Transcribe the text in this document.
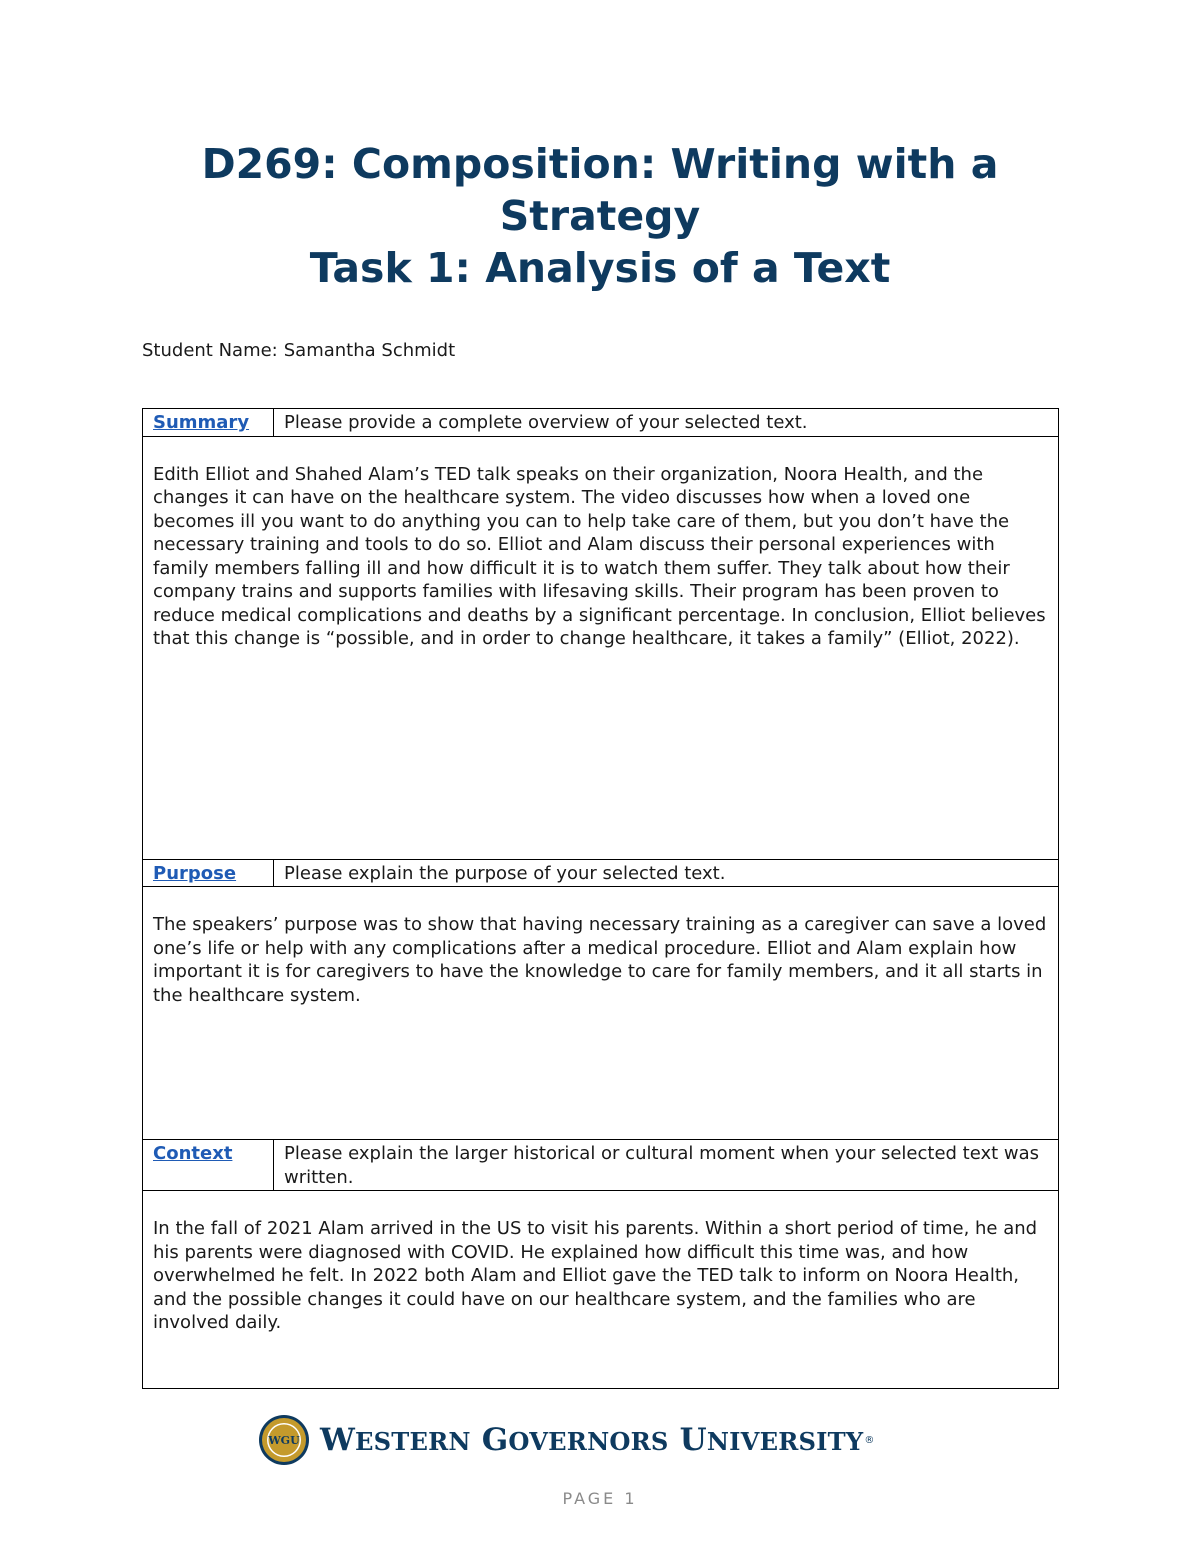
D269: Composition: Writing with a
Strategy
Task 1: Analysis of a Text
Student Name: Samantha Schmidt
Summary	Please provide a complete overview of your selected text.
Edith Elliot and Shahed Alam’s TED talk speaks on their organization, Noora Health, and the changes it can have on the healthcare system. The video discusses how when a loved one becomes ill you want to do anything you can to help take care of them, but you don’t have the necessary training and tools to do so. Elliot and Alam discuss their personal experiences with family members falling ill and how difficult it is to watch them suffer. They talk about how their company trains and supports families with lifesaving skills. Their program has been proven to reduce medical complications and deaths by a significant percentage. In conclusion, Elliot believes that this change is “possible, and in order to change healthcare, it takes a family” (Elliot, 2022).	
Purpose	Please explain the purpose of your selected text.
The speakers’ purpose was to show that having necessary training as a caregiver can save a loved one’s life or help with any complications after a medical procedure. Elliot and Alam explain how important it is for caregivers to have the knowledge to care for family members, and it all starts in the healthcare system.	
Context	Please explain the larger historical or cultural moment when your selected text was written.
In the fall of 2021 Alam arrived in the US to visit his parents. Within a short period of time, he and his parents were diagnosed with COVID. He explained how difficult this time was, and how overwhelmed he felt. In 2022 both Alam and Elliot gave the TED talk to inform on Noora Health, and the possible changes it could have on our healthcare system, and the families who are involved daily.	
WGU WESTERN GOVERNORS UNIVERSITY ®
PAGE 1
